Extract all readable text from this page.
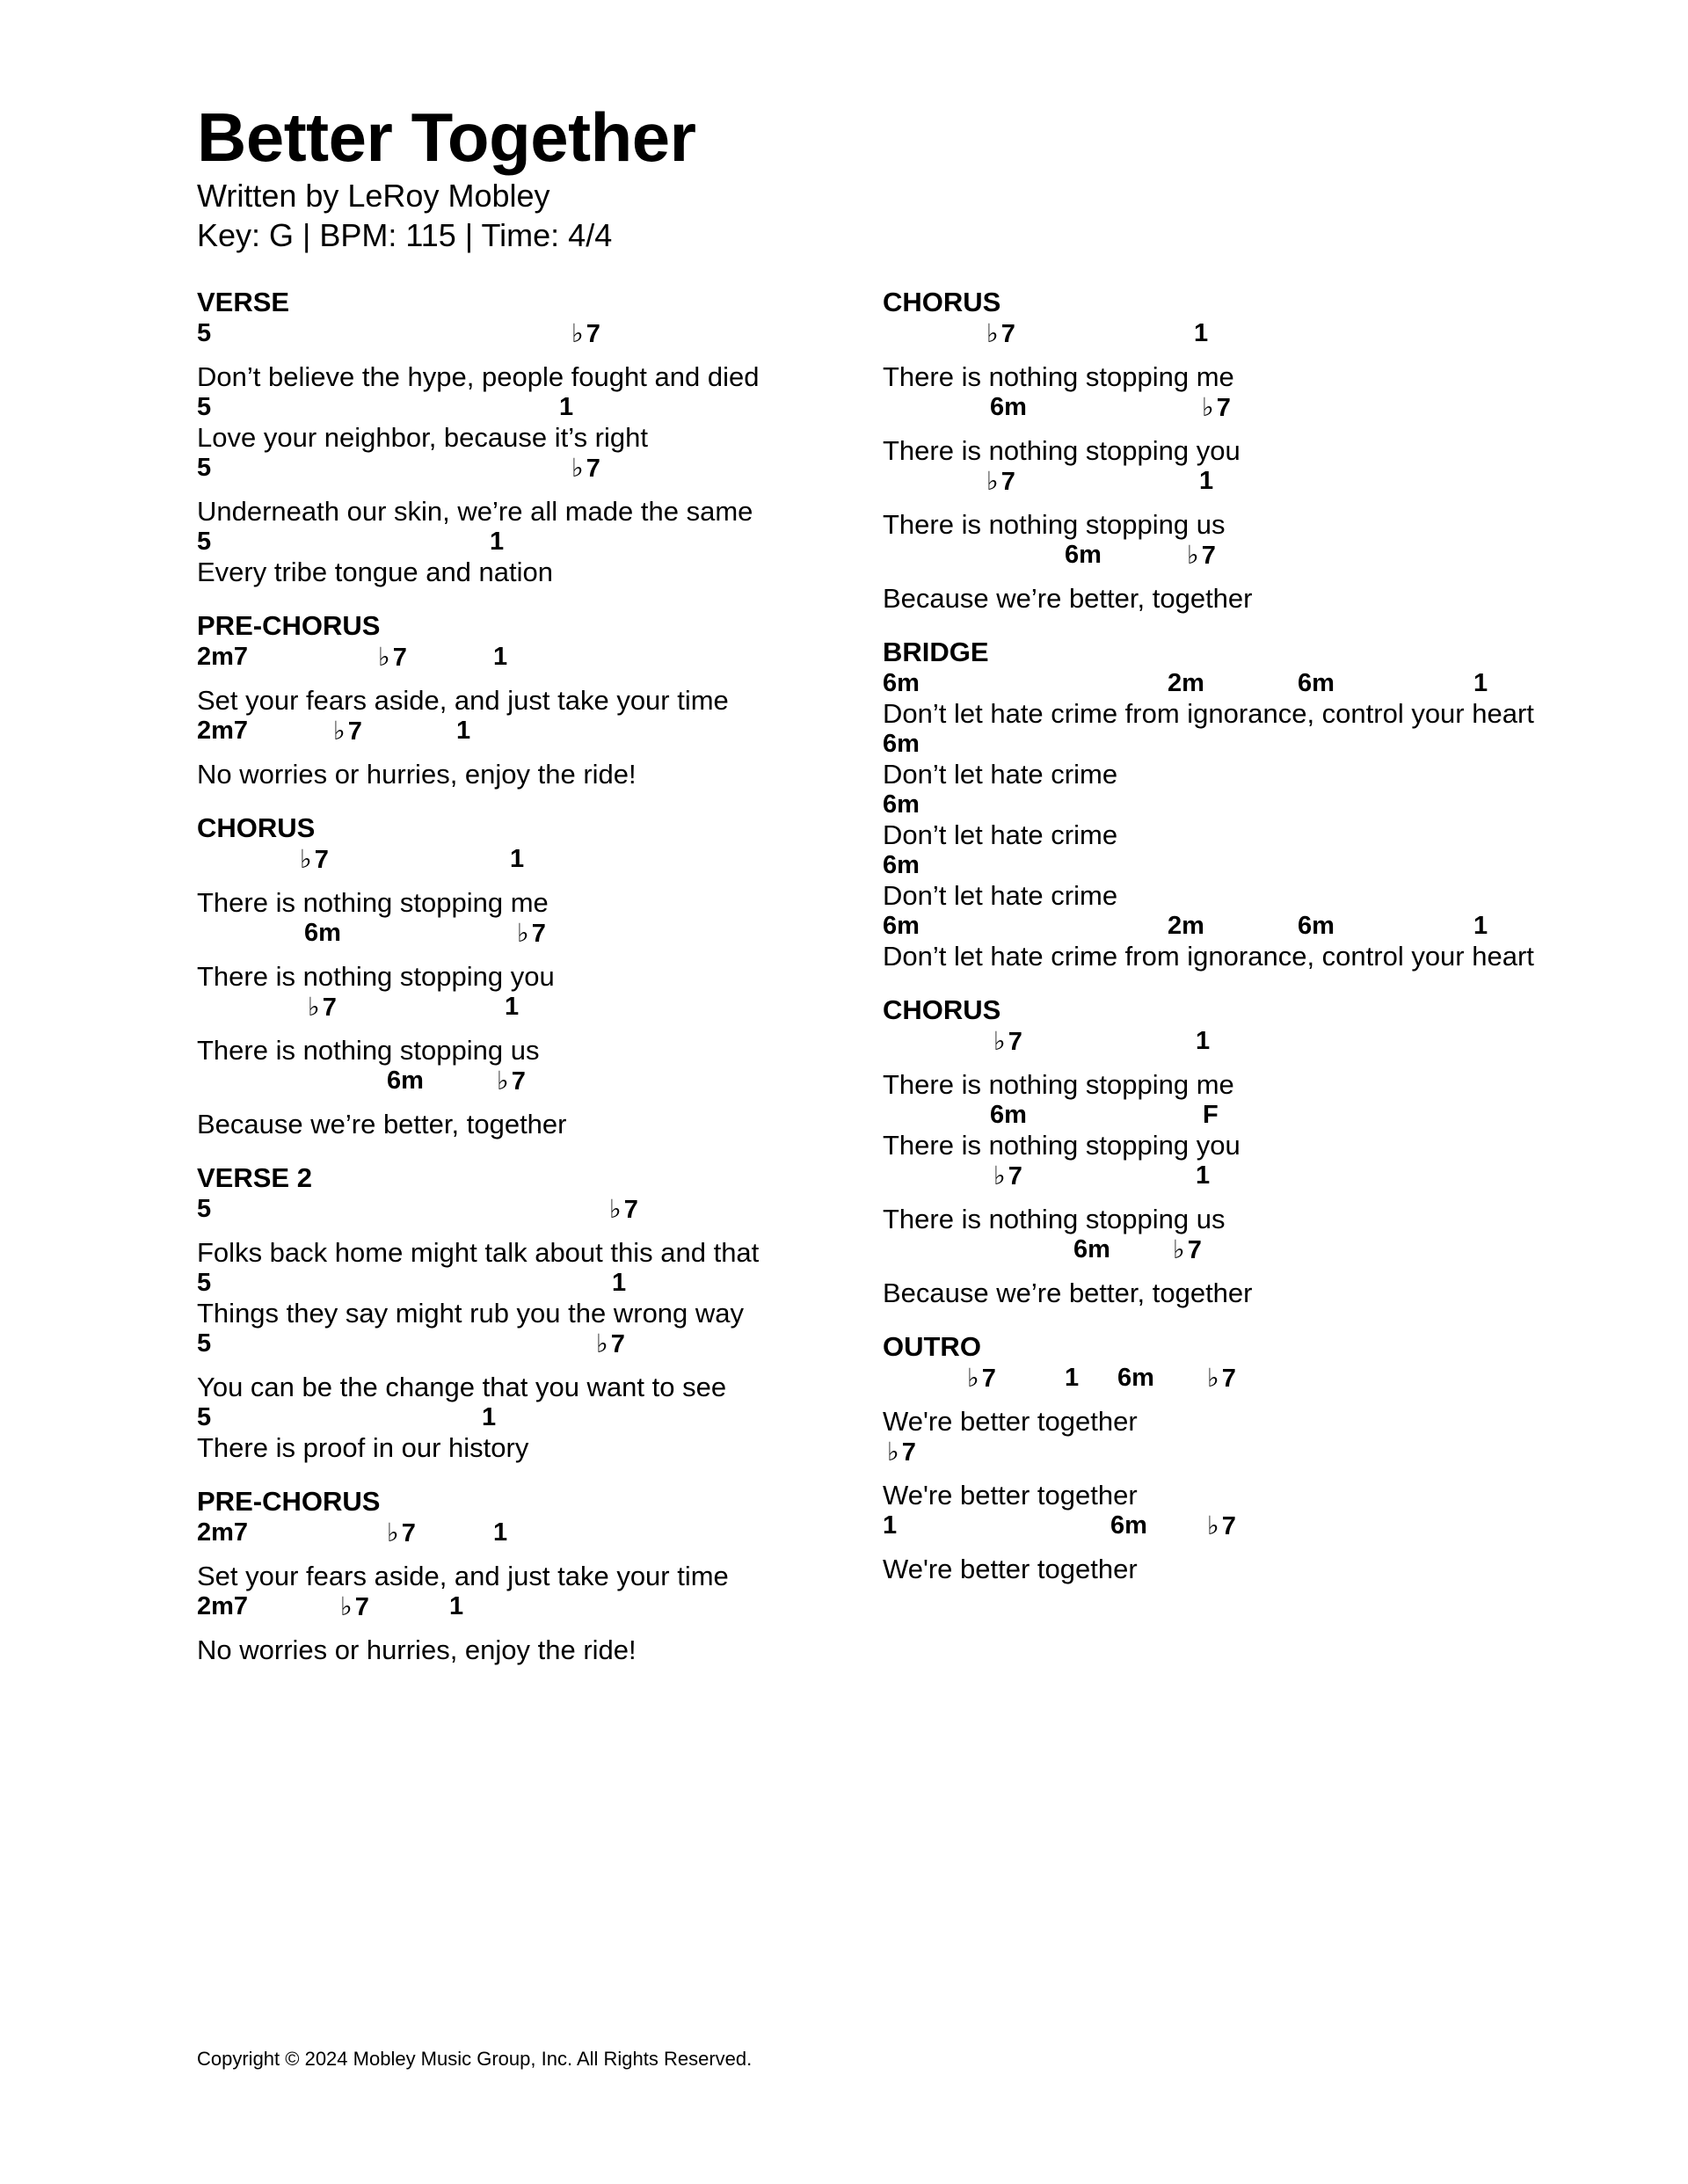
Better Together

Written by LeRoy Mobley

Key: G | BPM: 115 | Time: 4/4

VERSE
5	♭ 7
Don’t believe the hype, people fought and died
5	1
Love your neighbor, because it’s right
5	♭ 7
Underneath our skin, we’re all made the same
5	1
Every tribe tongue and nation
PRE-CHORUS
2m7	♭ 7	1
Set your fears aside, and just take your time
2m7	♭ 7	1
No worries or hurries, enjoy the ride!
CHORUS
♭ 7	1
There is nothing stopping me
6m	♭ 7
There is nothing stopping you
♭ 7	1
There is nothing stopping us
6m	♭ 7
Because we’re better, together
VERSE 2
5	♭ 7
Folks back home might talk about this and that
5	1
Things they say might rub you the wrong way
5	♭ 7
You can be the change that you want to see
5	1
There is proof in our history
PRE-CHORUS
2m7	♭ 7	1
Set your fears aside, and just take your time
2m7	♭ 7	1
No worries or hurries, enjoy the ride!
CHORUS
♭ 7	1
There is nothing stopping me
6m	♭ 7
There is nothing stopping you
♭ 7	1
There is nothing stopping us
6m	♭ 7
Because we’re better, together
BRIDGE
6m	2m	6m	1
Don’t let hate crime from ignorance, control your heart
6m
Don’t let hate crime
6m
Don’t let hate crime
6m
Don’t let hate crime
6m	2m	6m	1
Don’t let hate crime from ignorance, control your heart
CHORUS
♭ 7	1
There is nothing stopping me
6m	F
There is nothing stopping you
♭ 7	1
There is nothing stopping us
6m ♭ 7
Because we’re better, together
OUTRO
♭ 7	1 6m ♭ 7
We're better together
♭ 7
We're better together
1	6m ♭ 7
We're better together
Copyright © 2024 Mobley Music Group, Inc. All Rights Reserved.
